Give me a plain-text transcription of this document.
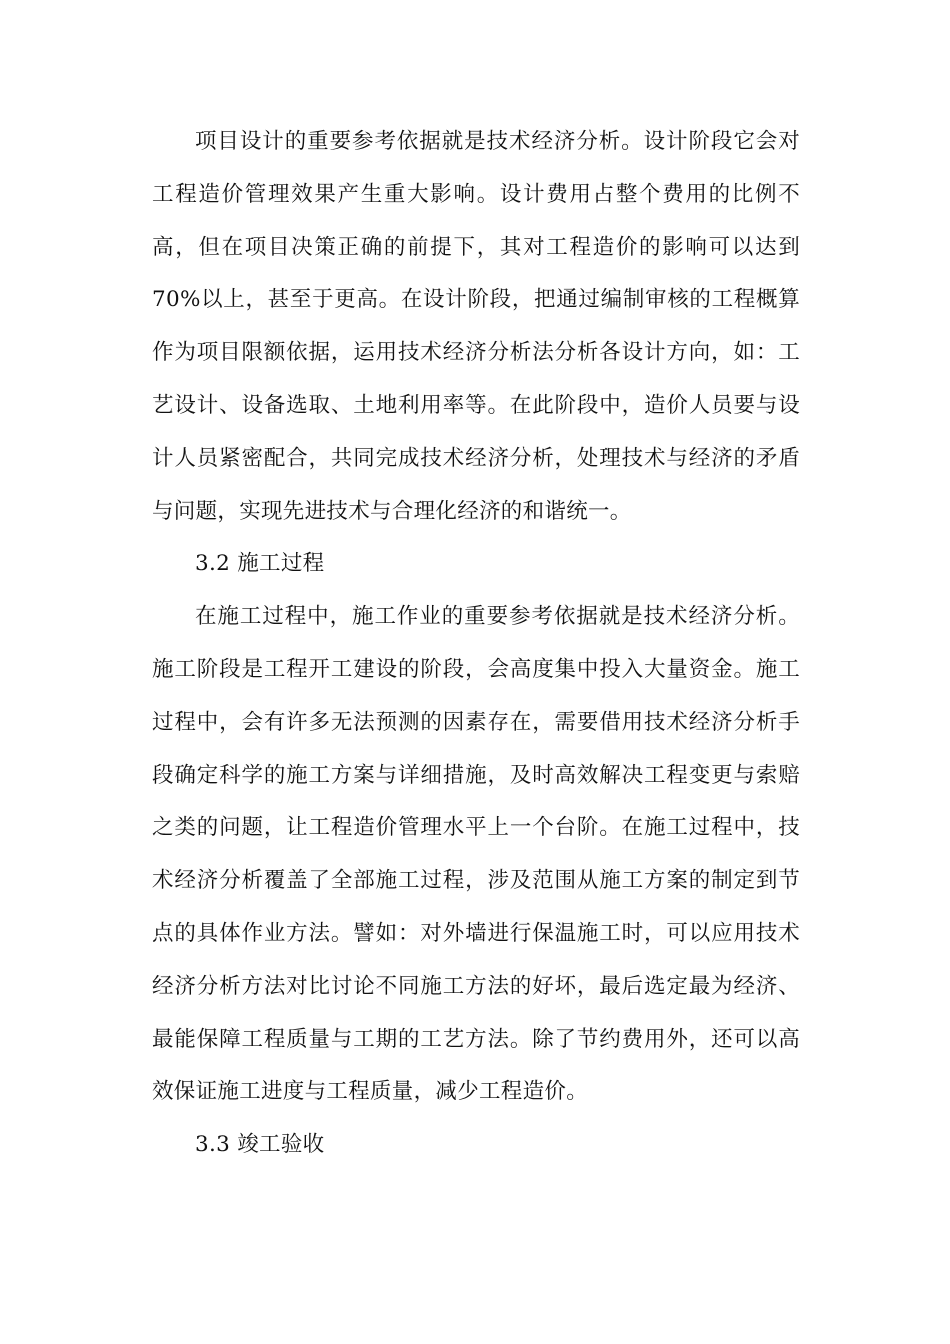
项目设计的重要参考依据就是技术经济分析。设计阶段它会对工程造价管理效果产生重大影响。设计费用占整个费用的比例不高，但在项目决策正确的前提下，其对工程造价的影响可以达到70%以上，甚至于更高。在设计阶段，把通过编制审核的工程概算作为项目限额依据，运用技术经济分析法分析各设计方向，如：工艺设计、设备选取、土地利用率等。在此阶段中，造价人员要与设计人员紧密配合，共同完成技术经济分析，处理技术与经济的矛盾与问题，实现先进技术与合理化经济的和谐统一。

3.2 施工过程

在施工过程中，施工作业的重要参考依据就是技术经济分析。施工阶段是工程开工建设的阶段，会高度集中投入大量资金。施工过程中，会有许多无法预测的因素存在，需要借用技术经济分析手段确定科学的施工方案与详细措施，及时高效解决工程变更与索赔之类的问题，让工程造价管理水平上一个台阶。在施工过程中，技术经济分析覆盖了全部施工过程，涉及范围从施工方案的制定到节点的具体作业方法。譬如：对外墙进行保温施工时，可以应用技术经济分析方法对比讨论不同施工方法的好坏，最后选定最为经济、最能保障工程质量与工期的工艺方法。除了节约费用外，还可以高效保证施工进度与工程质量，减少工程造价。

3.3 竣工验收
